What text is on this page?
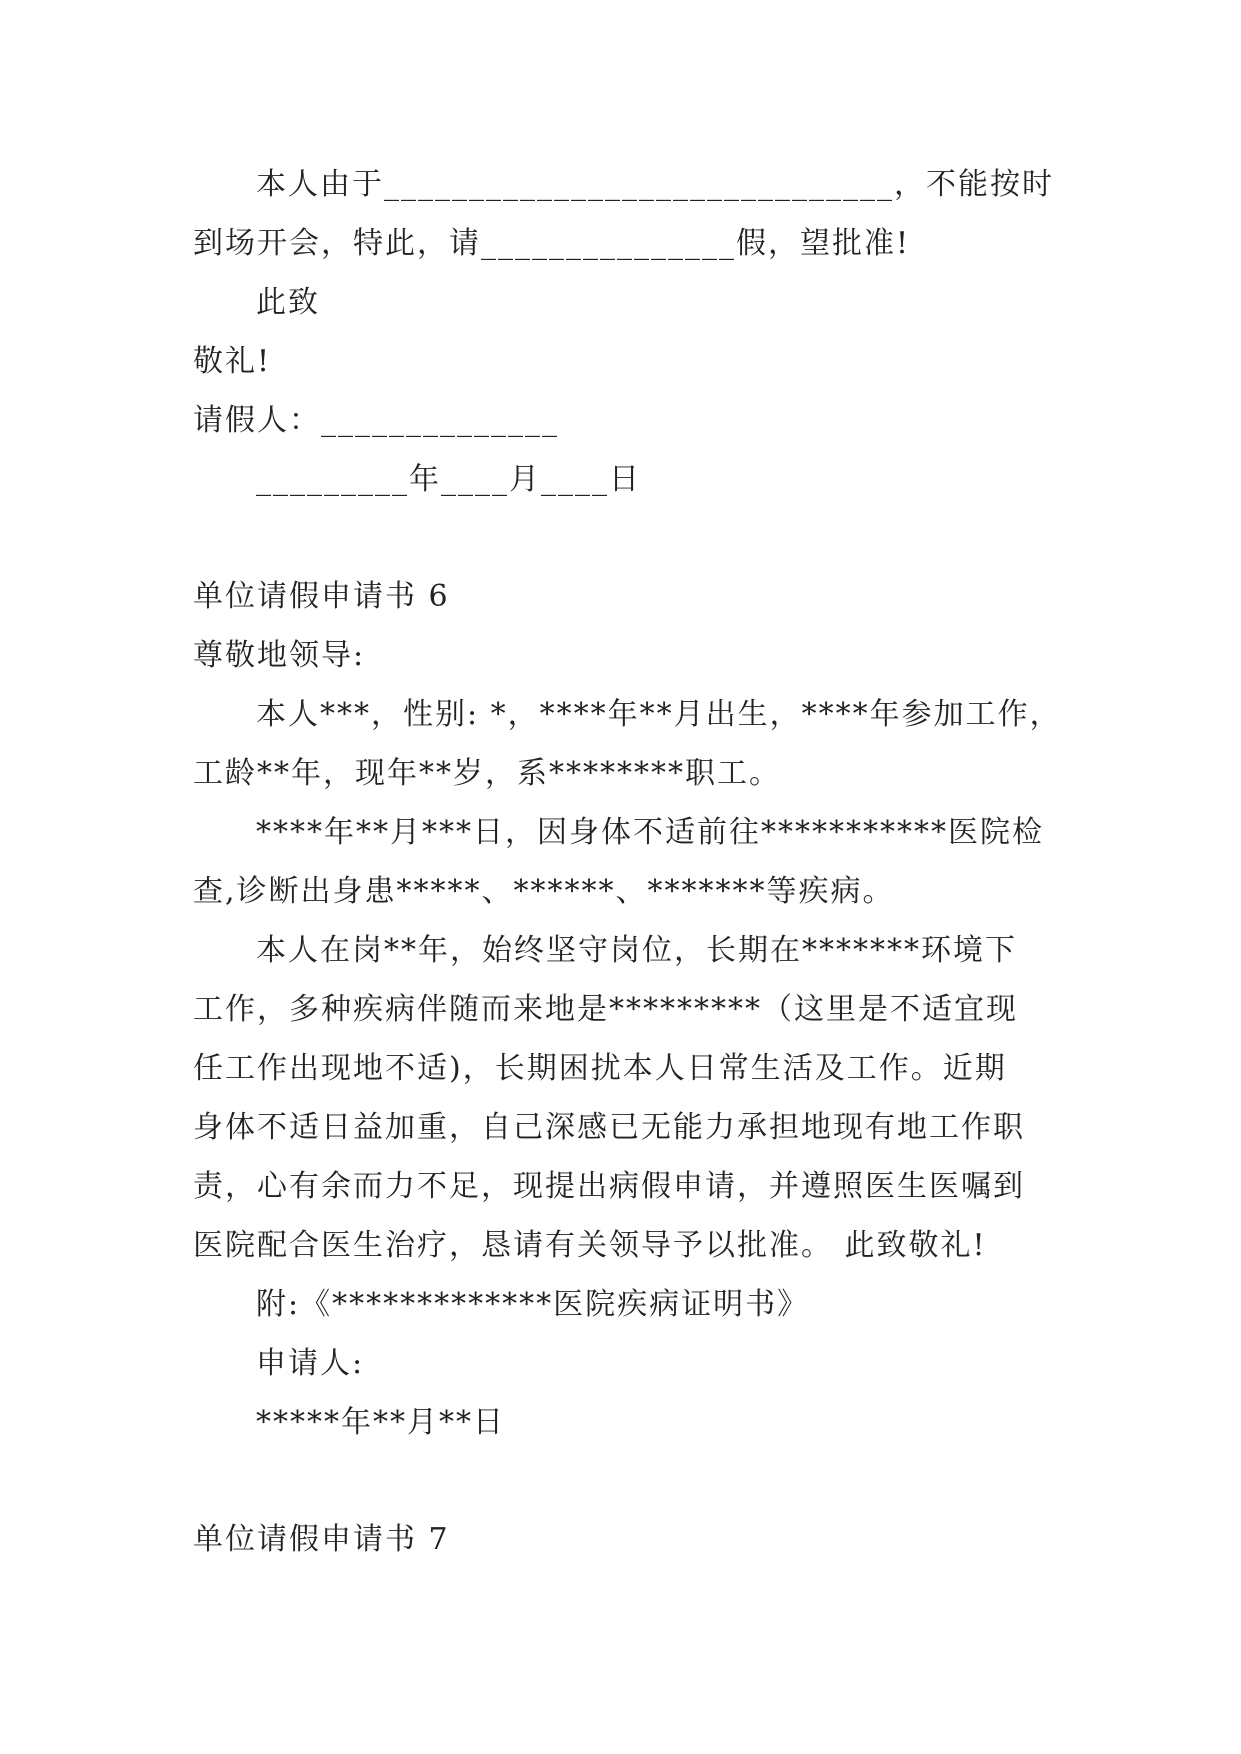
本人由于______________________________，不能按时
到场开会，特此，请_______________假，望批准!
此致
敬礼!
请假人：______________
_________年____月____日
单位请假申请书 6
尊敬地领导:
本人***，性别: *，****年**月出生，****年参加工作，
工龄**年，现年**岁，系********职工。
****年**月***日，因身体不适前往***********医院检
查,诊断出身患*****、******、*******等疾病。
本人在岗**年，始终坚守岗位，长期在*******环境下
工作，多种疾病伴随而来地是*********（这里是不适宜现
任工作出现地不适)，长期困扰本人日常生活及工作。近期
身体不适日益加重，自己深感已无能力承担地现有地工作职
责，心有余而力不足，现提出病假申请，并遵照医生医嘱到
医院配合医生治疗，恳请有关领导予以批准。 此致敬礼!
附:《*************医院疾病证明书》
申请人:
*****年**月**日
单位请假申请书 7
